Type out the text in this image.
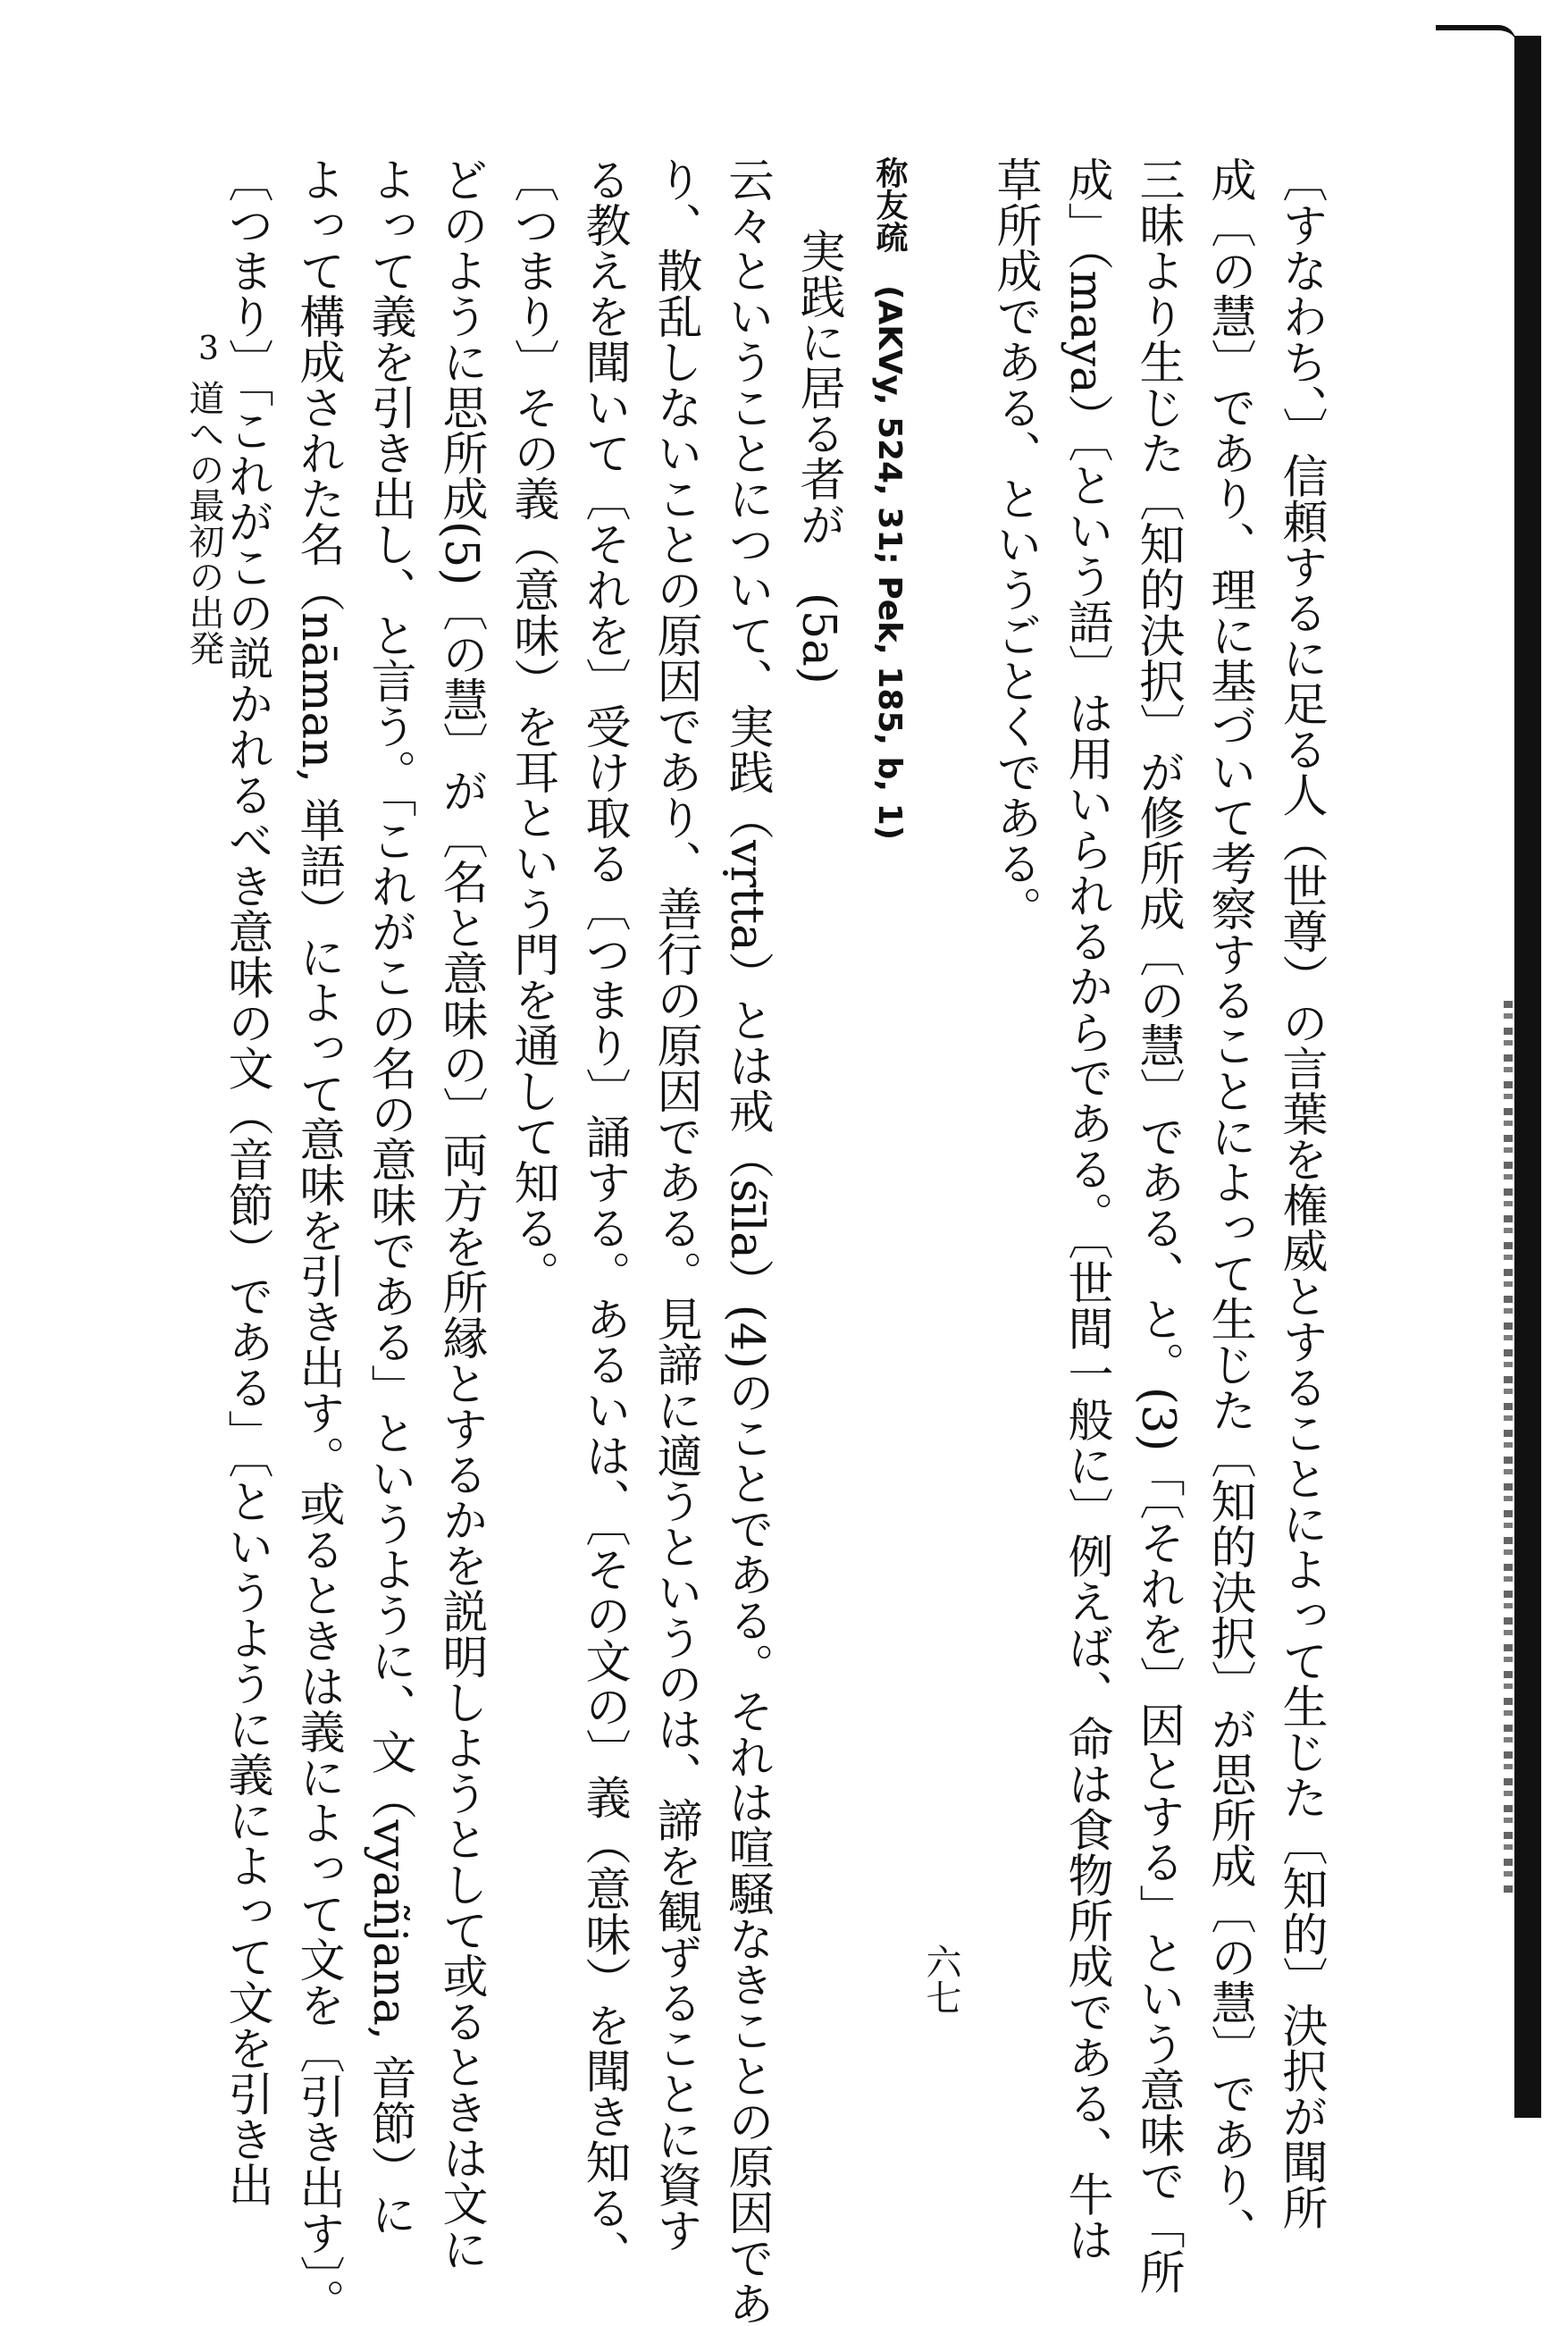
〔すなわち、〕信頼するに足る人（世尊）の言葉を権威とすることによって生じた〔知的〕決択が聞所
成〔の慧〕であり、理に基づいて考察することによって生じた〔知的決択〕が思所成〔の慧〕であり、
三昧より生じた〔知的決択〕が修所成〔の慧〕である、と。(3)「〔それを〕因とする」という意味で「所
成」（maya）〔という語〕は用いられるからである。〔世間一般に〕例えば、命は食物所成である、牛は
草所成である、というごとくである。
称友疏　(AKVy, 524, 31; Pek, 185, b, 1)
実践に居る者が　(5a)
云々ということについて、実践（vṛtta）とは戒（śīla）(4)のことである。それは喧騒なきことの原因であ
り、散乱しないことの原因であり、善行の原因である。見諦に適うというのは、諦を観ずることに資す
る教えを聞いて〔それを〕受け取る〔つまり〕誦する。あるいは、〔その文の〕義（意味）を聞き知る、
〔つまり〕その義（意味）を耳という門を通して知る。
どのように思所成(5)〔の慧〕が〔名と意味の〕両方を所縁とするかを説明しようとして或るときは文に
よって義を引き出し、と言う。「これがこの名の意味である」というように、文（vyañjana, 音節）に
よって構成された名（nāman, 単語）によって意味を引き出す。或るときは義によって文を〔引き出す〕。
〔つまり〕「これがこの説かれるべき意味の文（音節）である」〔というように義によって文を引き出
3
道への最初の出発
六七
